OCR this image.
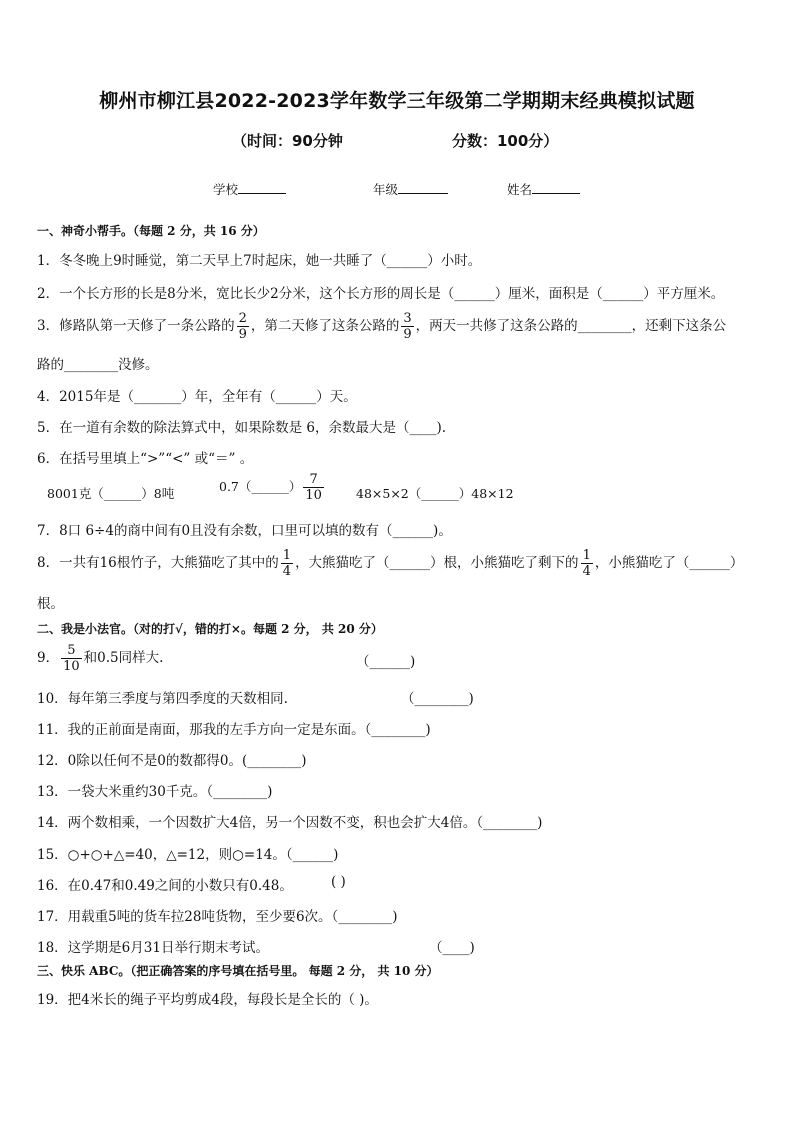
柳州市柳江县2022-2023学年数学三年级第二学期期末经典模拟试题
（时间：90分钟	分数：100分）
学校	年级	姓名
一、神奇小帮手。（每题 2 分，共 16 分）
1．冬冬晚上9时睡觉，第二天早上7时起床，她一共睡了（______）小时。
2．一个长方形的长是8分米，宽比长少2分米，这个长方形的周长是（______）厘米，面积是（______）平方厘米。
3．修路队第一天修了一条公路的 $\frac{2}{9}$ ，第二天修了这条公路的 $\frac{3}{9}$ ，两天一共修了这条公路的________，还剩下这条公
路的________没修。
4．2015年是（_______）年，全年有（______）天。
5．在一道有余数的除法算式中，如果除数是 6，余数最大是（____).
6．在括号里填上“>”“<” 或“＝” 。
8001克（______）8吨	0.7（______） $\frac{7}{10}$	48×5×2（______）48×12
7．8口 6÷4的商中间有0且没有余数，口里可以填的数有（______)。
8．一共有16根竹子，大熊猫吃了其中的 $\frac{1}{4}$ ，大熊猫吃了（______）根，小熊猫吃了剩下的 $\frac{1}{4}$ ，小熊猫吃了（______）
根。
二、我是小法官。（对的打√，错的打×。每题 2 分， 共 20 分）
9． $\frac{5}{10}$ 和0.5同样大.	（______)
10．每年第三季度与第四季度的天数相同.	（________)
11．我的正前面是南面，那我的左手方向一定是东面。（________)
12．0除以任何不是0的数都得0。(________)
13．一袋大米重约30千克。（________)
14．两个数相乘，一个因数扩大4倍，另一个因数不变，积也会扩大4倍。（________)
15．○+○+△=40，△=12，则○=14。（______)
16．在0.47和0.49之间的小数只有0.48。	( )
17．用载重5吨的货车拉28吨货物，至少要6次。（________)
18．这学期是6月31日举行期末考试。	（____)
三、快乐 ABC。（把正确答案的序号填在括号里。 每题 2 分， 共 10 分）
19．把4米长的绳子平均剪成4段，每段长是全长的（ )。
